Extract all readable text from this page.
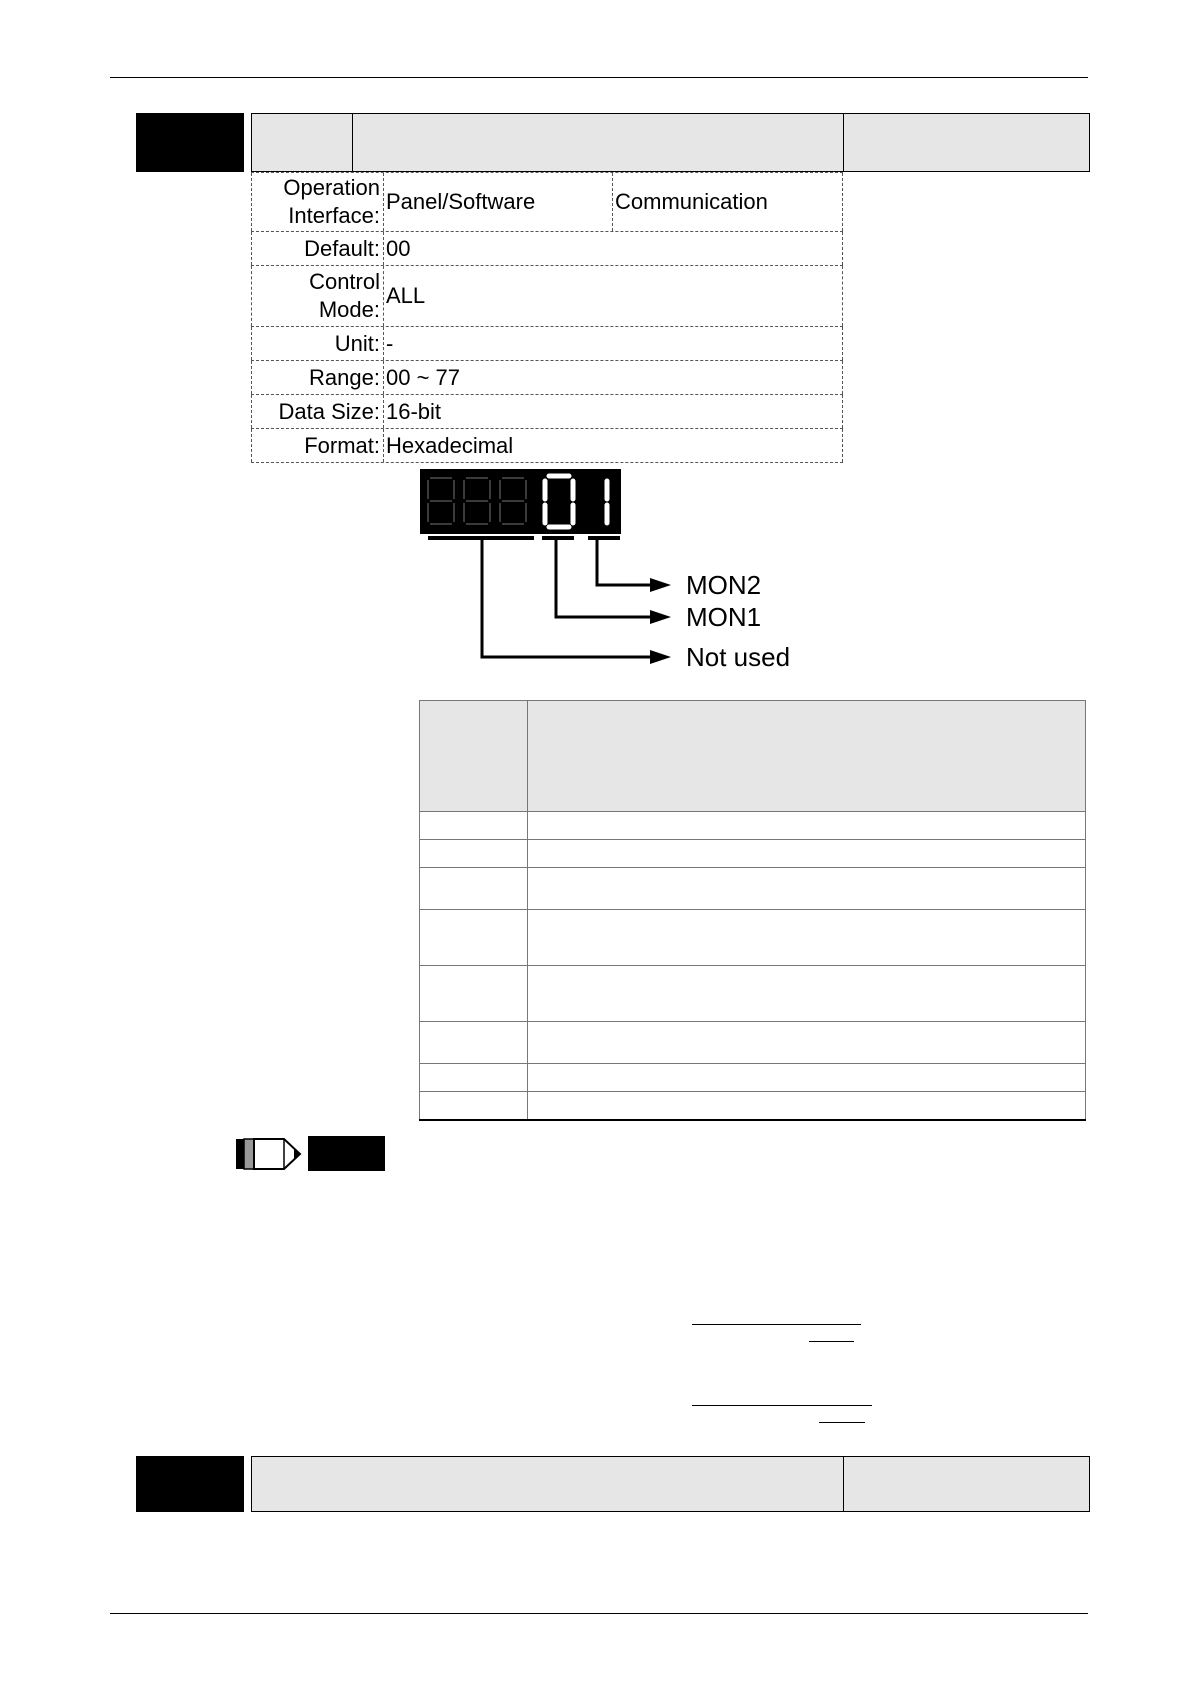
Operation
Interface:
Panel/Software	Communication
Default: 00
Control
Mode:
ALL
Unit: -
Range: 00 ~ 77
Data Size: 16-bit
Format: Hexadecimal
MON2
MON1
Not used
